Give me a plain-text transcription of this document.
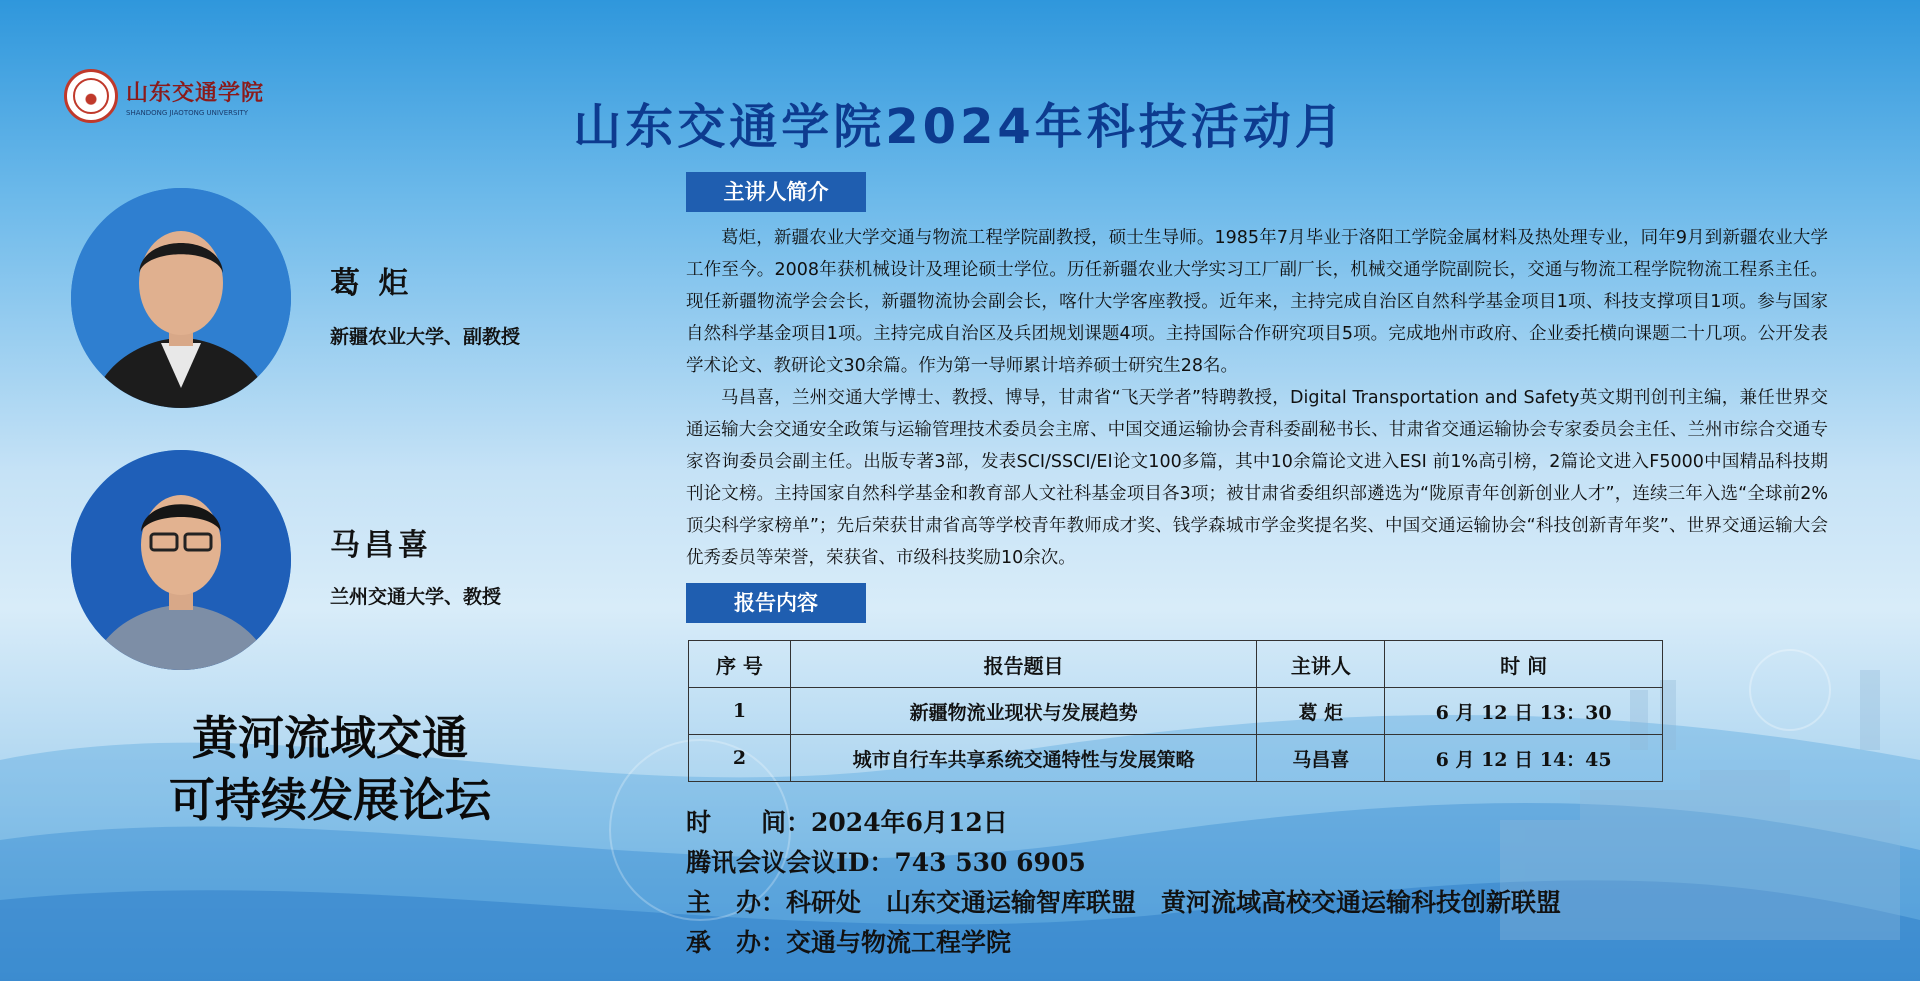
山东交通学院
SHANDONG JIAOTONG UNIVERSITY	山东交通学院2024年科技活动月
葛 炬
新疆农业大学、副教授
马昌喜
兰州交通大学、教授
黄河流域交通
可持续发展论坛
主讲人简介

葛炬，新疆农业大学交通与物流工程学院副教授，硕士生导师。1985年7月毕业于洛阳工学院金属材料及热处理专业，同年9月到新疆农业大学工作至今。2008年获机械设计及理论硕士学位。历任新疆农业大学实习工厂副厂长，机械交通学院副院长，交通与物流工程学院物流工程系主任。现任新疆物流学会会长，新疆物流协会副会长，喀什大学客座教授。近年来，主持完成自治区自然科学基金项目1项、科技支撑项目1项。参与国家自然科学基金项目1项。主持完成自治区及兵团规划课题4项。主持国际合作研究项目5项。完成地州市政府、企业委托横向课题二十几项。公开发表学术论文、教研论文30余篇。作为第一导师累计培养硕士研究生28名。

马昌喜，兰州交通大学博士、教授、博导，甘肃省“飞天学者”特聘教授，Digital Transportation and Safety英文期刊创刊主编，兼任世界交通运输大会交通安全政策与运输管理技术委员会主席、中国交通运输协会青科委副秘书长、甘肃省交通运输协会专家委员会主任、兰州市综合交通专家咨询委员会副主任。出版专著3部，发表SCI/SSCI/EI论文100多篇，其中10余篇论文进入ESI 前1%高引榜，2篇论文进入F5000中国精品科技期刊论文榜。主持国家自然科学基金和教育部人文社科基金项目各3项；被甘肃省委组织部遴选为“陇原青年创新创业人才”，连续三年入选“全球前2%顶尖科学家榜单”；先后荣获甘肃省高等学校青年教师成才奖、钱学森城市学金奖提名奖、中国交通运输协会“科技创新青年奖”、世界交通运输大会优秀委员等荣誉，荣获省、市级科技奖励10余次。

报告内容
序 号	报告题目	主讲人	时 间
1	新疆物流业现状与发展趋势	葛 炬	6 月 12 日 13：30
2	城市自行车共享系统交通特性与发展策略	马昌喜	6 月 12 日 14：45
时　　间：2024年6月12日
腾讯会议会议ID：743 530 6905
主　办：科研处　山东交通运输智库联盟　黄河流域高校交通运输科技创新联盟
承　办：交通与物流工程学院
